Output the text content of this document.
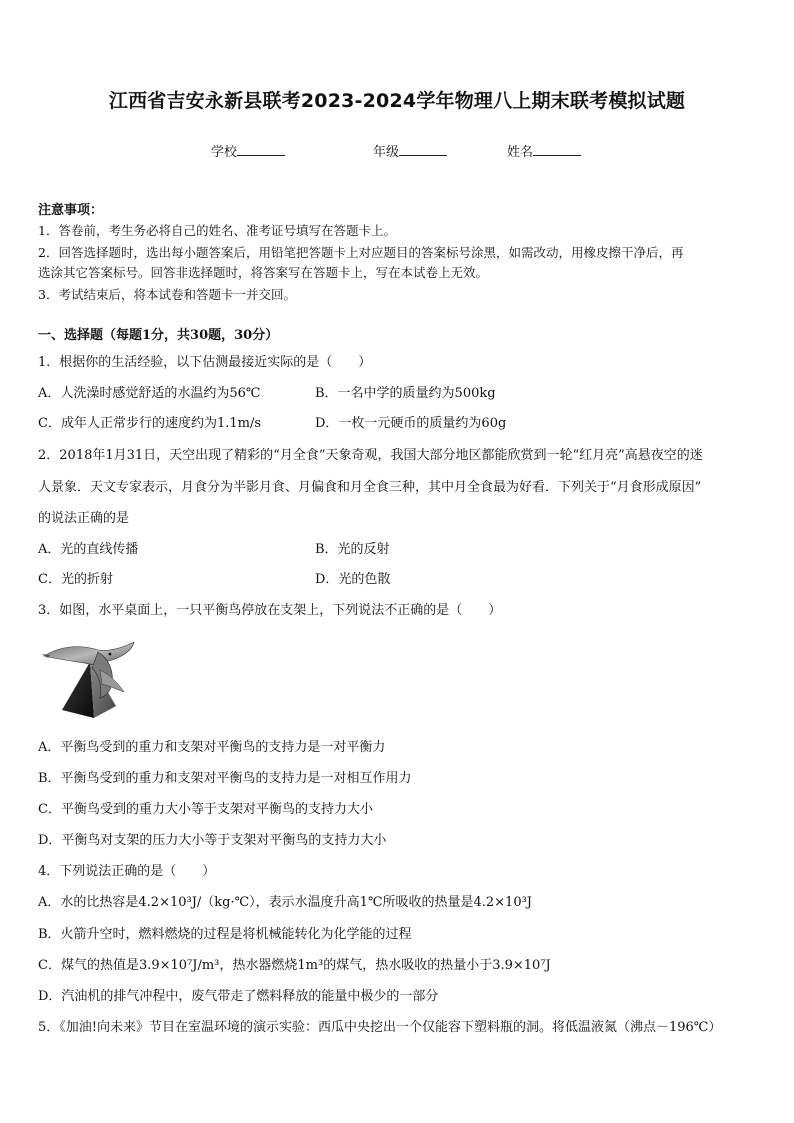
江西省吉安永新县联考2023-2024学年物理八上期末联考模拟试题
学校	年级	姓名
注意事项：
1．答卷前，考生务必将自己的姓名、准考证号填写在答题卡上。
2．回答选择题时，选出每小题答案后，用铅笔把答题卡上对应题目的答案标号涂黑，如需改动，用橡皮擦干净后，再
选涂其它答案标号。回答非选择题时，将答案写在答题卡上，写在本试卷上无效。
3．考试结束后，将本试卷和答题卡一并交回。
一、选择题（每题1分，共30题，30分）
1．根据你的生活经验，以下估测最接近实际的是（　　）
A．人洗澡时感觉舒适的水温约为56℃	B．一名中学的质量约为500kg
C．成年人正常步行的速度约为1.1m/s	D．一枚一元硬币的质量约为60g
2．2018年1月31日，天空出现了精彩的“月全食”天象奇观，我国大部分地区都能欣赏到一轮“红月亮”高悬夜空的迷
人景象．天文专家表示，月食分为半影月食、月偏食和月全食三种，其中月全食最为好看．下列关于“月食形成原因”
的说法正确的是
A．光的直线传播	B．光的反射
C．光的折射	D．光的色散
3．如图，水平桌面上，一只平衡鸟停放在支架上，下列说法不正确的是（　　）
A．平衡鸟受到的重力和支架对平衡鸟的支持力是一对平衡力
B．平衡鸟受到的重力和支架对平衡鸟的支持力是一对相互作用力
C．平衡鸟受到的重力大小等于支架对平衡鸟的支持力大小
D．平衡鸟对支架的压力大小等于支架对平衡鸟的支持力大小
4．下列说法正确的是（　　）
A．水的比热容是4.2×10³J/（kg·℃），表示水温度升高1℃所吸收的热量是4.2×10³J
B．火箭升空时，燃料燃烧的过程是将机械能转化为化学能的过程
C．煤气的热值是3.9×10⁷J/m³，热水器燃烧1m³的煤气，热水吸收的热量小于3.9×10⁷J
D．汽油机的排气冲程中，废气带走了燃料释放的能量中极少的一部分
5．《加油!向未来》节目在室温环境的演示实验：西瓜中央挖出一个仅能容下塑料瓶的洞。将低温液氮（沸点－196℃）
